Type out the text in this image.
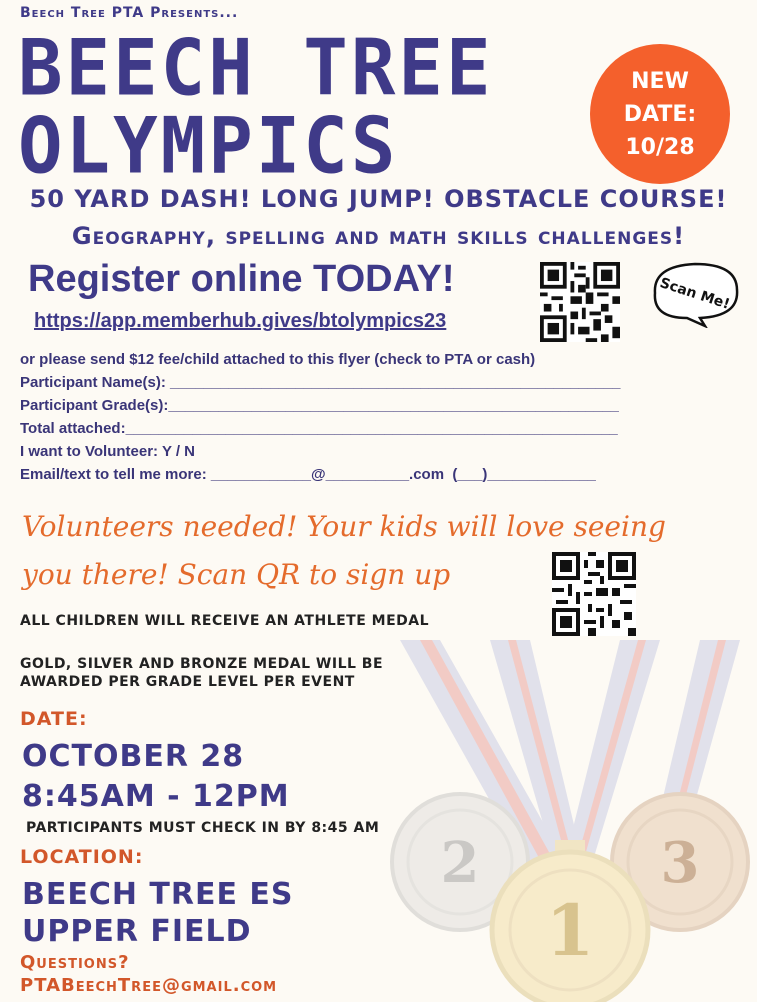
2
1
3
Beech Tree PTA Presents...
BEECH TREE
OLYMPICS
NEW
DATE:
10/28
50 YARD DASH! LONG JUMP! OBSTACLE COURSE!
Geography, spelling and math skills challenges!
Register online TODAY!
https://app.memberhub.gives/btolympics23
Scan Me!
or please send $12 fee/child attached to this flyer (check to PTA or cash)
Participant Name(s): ______________________________________________________
Participant Grade(s):______________________________________________________
Total attached:___________________________________________________________
I want to Volunteer: Y / N
Email/text to tell me more: ____________@__________.com  (___)_____________
Volunteers needed! Your kids will love seeing
you there! Scan QR to sign up
ALL CHILDREN WILL RECEIVE AN ATHLETE MEDAL
GOLD, SILVER AND BRONZE MEDAL WILL BE
AWARDED PER GRADE LEVEL PER EVENT
DATE:
OCTOBER 28
8:45AM - 12PM
PARTICIPANTS MUST CHECK IN BY 8:45 AM
LOCATION:
BEECH TREE ES
UPPER FIELD
Questions?
PTABeechTree@gmail.com
